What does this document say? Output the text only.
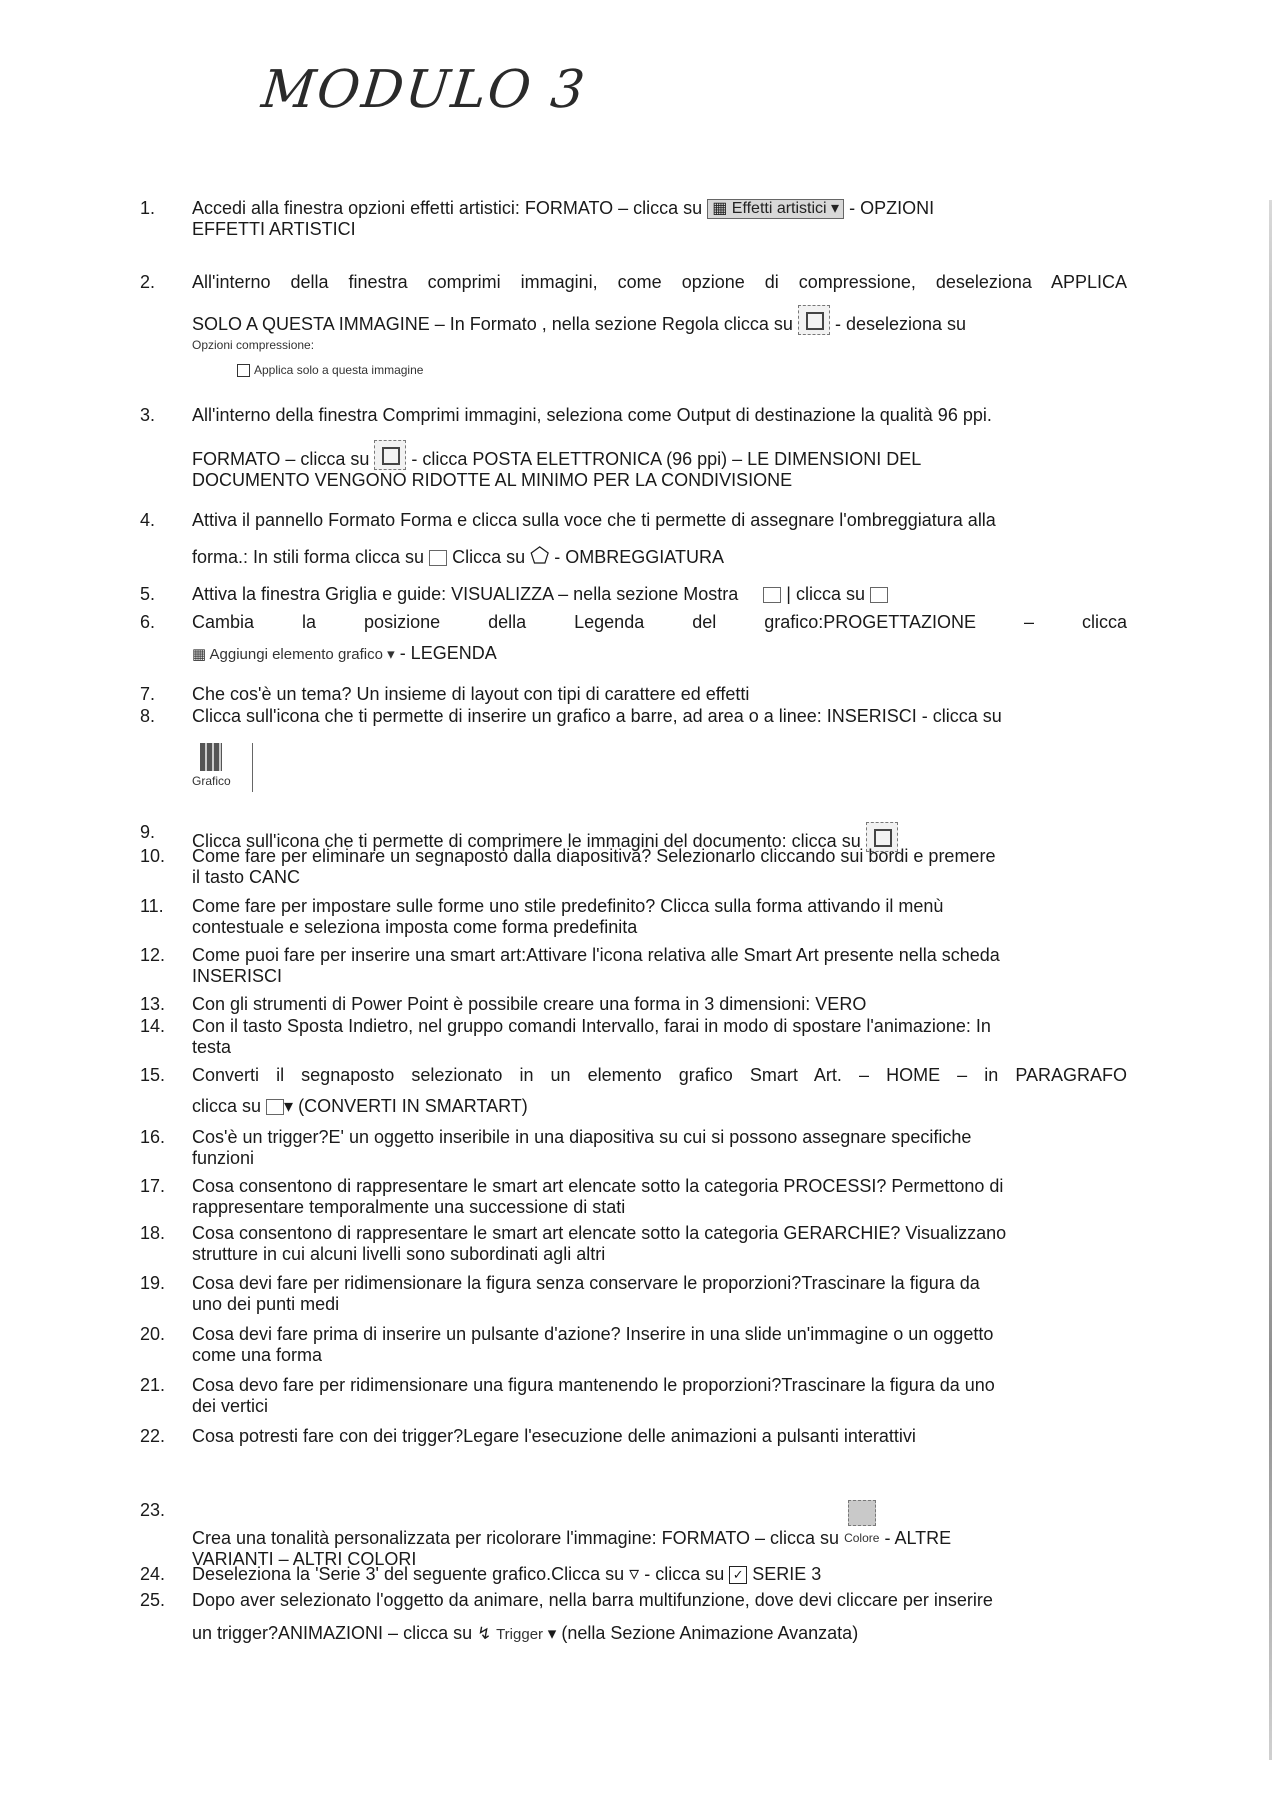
MODULO 3
1.	Accedi alla finestra opzioni effetti artistici: FORMATO – clicca su ▦ Effetti artistici ▾ - OPZIONI
EFFETTI ARTISTICI
2.	All'interno della finestra comprimi immagini, come opzione di compressione, deseleziona APPLICA
SOLO A QUESTA IMMAGINE – In Formato , nella sezione Regola clicca su - deseleziona su
Opzioni compressione:
Applica solo a questa immagine
3.	All'interno della finestra Comprimi immagini, seleziona come Output di destinazione la qualità 96 ppi.
FORMATO – clicca su - clicca POSTA ELETTRONICA (96 ppi) – LE DIMENSIONI DEL
DOCUMENTO VENGONO RIDOTTE AL MINIMO PER LA CONDIVISIONE
4.	Attiva il pannello Formato Forma e clicca sulla voce che ti permette di assegnare l'ombreggiatura alla
forma.: In stili forma clicca su Clicca su ⬠ - OMBREGGIATURA
5.	Attiva la finestra Griglia e guide: VISUALIZZA – nella sezione Mostra	| clicca su
6.	Cambia la posizione della Legenda del grafico:PROGETTAZIONE – clicca
▦ Aggiungi elemento grafico ▾ - LEGENDA
7.	Che cos'è un tema? Un insieme di layout con tipi di carattere ed effetti
8.	Clicca sull'icona che ti permette di inserire un grafico a barre, ad area o a linee: INSERISCI - clicca su
Grafico
9.	Clicca sull'icona che ti permette di comprimere le immagini del documento: clicca su
10.	Come fare per eliminare un segnaposto dalla diapositiva? Selezionarlo cliccando sui bordi e premere
il tasto CANC
11.	Come fare per impostare sulle forme uno stile predefinito? Clicca sulla forma attivando il menù
contestuale e seleziona imposta come forma predefinita
12.	Come puoi fare per inserire una smart art:Attivare l'icona relativa alle Smart Art presente nella scheda
INSERISCI
13.	Con gli strumenti di Power Point è possibile creare una forma in 3 dimensioni: VERO
14.	Con il tasto Sposta Indietro, nel gruppo comandi Intervallo, farai in modo di spostare l'animazione: In
testa
15.	Converti il segnaposto selezionato in un elemento grafico Smart Art. – HOME – in PARAGRAFO
clicca su ▾ (CONVERTI IN SMARTART)
16.	Cos'è un trigger?E' un oggetto inseribile in una diapositiva su cui si possono assegnare specifiche
funzioni
17.	Cosa consentono di rappresentare le smart art elencate sotto la categoria PROCESSI? Permettono di
rappresentare temporalmente una successione di stati
18.	Cosa consentono di rappresentare le smart art elencate sotto la categoria GERARCHIE? Visualizzano
strutture in cui alcuni livelli sono subordinati agli altri
19.	Cosa devi fare per ridimensionare la figura senza conservare le proporzioni?Trascinare la figura da
uno dei punti medi
20.	Cosa devi fare prima di inserire un pulsante d'azione? Inserire in una slide un'immagine o un oggetto
come una forma
21.	Cosa devo fare per ridimensionare una figura mantenendo le proporzioni?Trascinare la figura da uno
dei vertici
22.	Cosa potresti fare con dei trigger?Legare l'esecuzione delle animazioni a pulsanti interattivi
23.
Crea una tonalità personalizzata per ricolorare l'immagine: FORMATO – clicca su Colore - ALTRE
VARIANTI – ALTRI COLORI
24.	Deseleziona la 'Serie 3' del seguente grafico.Clicca su ▿ - clicca su ✓ SERIE 3
25.	Dopo aver selezionato l'oggetto da animare, nella barra multifunzione, dove devi cliccare per inserire
un trigger?ANIMAZIONI – clicca su ↯ Trigger ▾ (nella Sezione Animazione Avanzata)
